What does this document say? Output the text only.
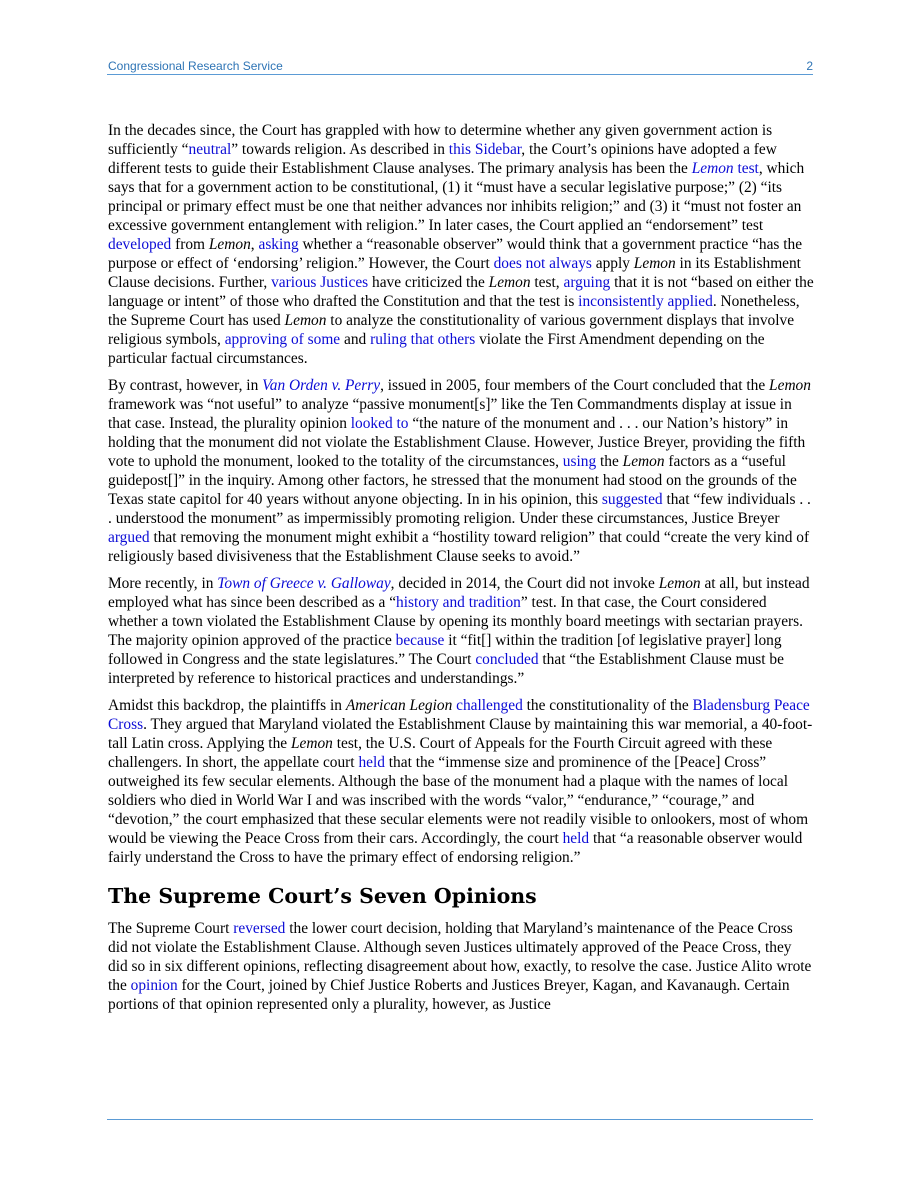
Congressional Research Service	2

In the decades since, the Court has grappled with how to determine whether any given government action is sufficiently “neutral” towards religion. As described in this Sidebar, the Court’s opinions have adopted a few different tests to guide their Establishment Clause analyses. The primary analysis has been the Lemon test, which says that for a government action to be constitutional, (1) it “must have a secular legislative purpose;” (2) “its principal or primary effect must be one that neither advances nor inhibits religion;” and (3) it “must not foster an excessive government entanglement with religion.” In later cases, the Court applied an “endorsement” test developed from Lemon, asking whether a “reasonable observer” would think that a government practice “has the purpose or effect of ‘endorsing’ religion.” However, the Court does not always apply Lemon in its Establishment Clause decisions. Further, various Justices have criticized the Lemon test, arguing that it is not “based on either the language or intent” of those who drafted the Constitution and that the test is inconsistently applied. Nonetheless, the Supreme Court has used Lemon to analyze the constitutionality of various government displays that involve religious symbols, approving of some and ruling that others violate the First Amendment depending on the particular factual circumstances.

By contrast, however, in Van Orden v. Perry, issued in 2005, four members of the Court concluded that the Lemon framework was “not useful” to analyze “passive monument[s]” like the Ten Commandments display at issue in that case. Instead, the plurality opinion looked to “the nature of the monument and . . . our Nation’s history” in holding that the monument did not violate the Establishment Clause. However, Justice Breyer, providing the fifth vote to uphold the monument, looked to the totality of the circumstances, using the Lemon factors as a “useful guidepost[]” in the inquiry. Among other factors, he stressed that the monument had stood on the grounds of the Texas state capitol for 40 years without anyone objecting. In in his opinion, this suggested that “few individuals . . . understood the monument” as impermissibly promoting religion. Under these circumstances, Justice Breyer argued that removing the monument might exhibit a “hostility toward religion” that could “create the very kind of religiously based divisiveness that the Establishment Clause seeks to avoid.”

More recently, in Town of Greece v. Galloway, decided in 2014, the Court did not invoke Lemon at all, but instead employed what has since been described as a “history and tradition” test. In that case, the Court considered whether a town violated the Establishment Clause by opening its monthly board meetings with sectarian prayers. The majority opinion approved of the practice because it “fit[] within the tradition [of legislative prayer] long followed in Congress and the state legislatures.” The Court concluded that “the Establishment Clause must be interpreted by reference to historical practices and understandings.”

Amidst this backdrop, the plaintiffs in American Legion challenged the constitutionality of the Bladensburg Peace Cross. They argued that Maryland violated the Establishment Clause by maintaining this war memorial, a 40-foot-tall Latin cross. Applying the Lemon test, the U.S. Court of Appeals for the Fourth Circuit agreed with these challengers. In short, the appellate court held that the “immense size and prominence of the [Peace] Cross” outweighed its few secular elements. Although the base of the monument had a plaque with the names of local soldiers who died in World War I and was inscribed with the words “valor,” “endurance,” “courage,” and “devotion,” the court emphasized that these secular elements were not readily visible to onlookers, most of whom would be viewing the Peace Cross from their cars. Accordingly, the court held that “a reasonable observer would fairly understand the Cross to have the primary effect of endorsing religion.”

The Supreme Court’s Seven Opinions

The Supreme Court reversed the lower court decision, holding that Maryland’s maintenance of the Peace Cross did not violate the Establishment Clause. Although seven Justices ultimately approved of the Peace Cross, they did so in six different opinions, reflecting disagreement about how, exactly, to resolve the case. Justice Alito wrote the opinion for the Court, joined by Chief Justice Roberts and Justices Breyer, Kagan, and Kavanaugh. Certain portions of that opinion represented only a plurality, however, as Justice
